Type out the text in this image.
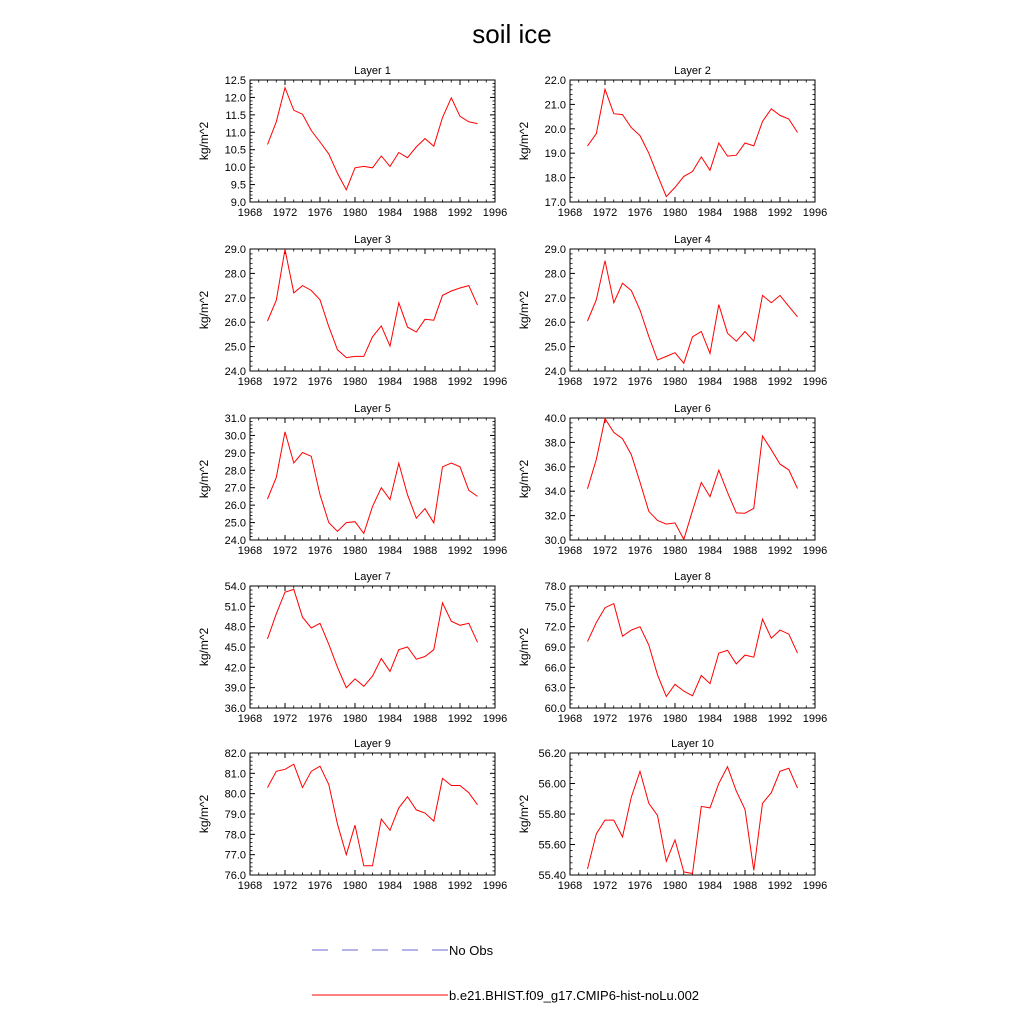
soil ice
Layer 1
1968 1972 1976 1980 1984 1988 1992 1996
9.0
9.5
10.0
10.5
11.0
11.5
12.0
12.5
kg/m^2
Layer 2
1968 1972 1976 1980 1984 1988 1992 1996
17.0
18.0
19.0
20.0
21.0
22.0
kg/m^2
Layer 3
1968 1972 1976 1980 1984 1988 1992 1996
24.0
25.0
26.0
27.0
28.0
29.0
kg/m^2
Layer 4
1968 1972 1976 1980 1984 1988 1992 1996
24.0
25.0
26.0
27.0
28.0
29.0
kg/m^2
Layer 5
1968 1972 1976 1980 1984 1988 1992 1996
24.0
25.0
26.0
27.0
28.0
29.0
30.0
31.0
kg/m^2
Layer 6
1968 1972 1976 1980 1984 1988 1992 1996
30.0
32.0
34.0
36.0
38.0
40.0
kg/m^2
Layer 7
1968 1972 1976 1980 1984 1988 1992 1996
36.0
39.0
42.0
45.0
48.0
51.0
54.0
kg/m^2
Layer 8
1968 1972 1976 1980 1984 1988 1992 1996
60.0
63.0
66.0
69.0
72.0
75.0
78.0
kg/m^2
Layer 9
1968 1972 1976 1980 1984 1988 1992 1996
76.0
77.0
78.0
79.0
80.0
81.0
82.0
kg/m^2
Layer 10
1968 1972 1976 1980 1984 1988 1992 1996
55.40
55.60
55.80
56.00
56.20
kg/m^2
No Obs
b.e21.BHIST.f09_g17.CMIP6-hist-noLu.002
